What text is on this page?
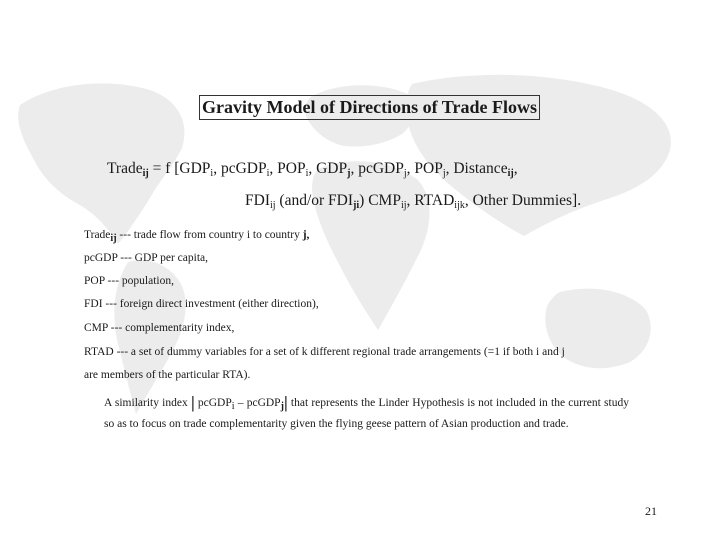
Gravity Model of Directions of Trade Flows
Trade$_{ij}$ = f [$GDP_i$, pcGDP$_i$, $POP_i$, $GDP_j$, pcGDP$_j$, $POP_j$, Distance$_{ij}$,
$FDI_{ij}$ (and/or $FDI_{ji}$) $CMP_{ij}$, $RTAD_{ijk}$, Other Dummies].
Trade$_{ij}$ --- trade flow from country i to country j,
pcGDP --- GDP per capita,
POP --- population,
FDI --- foreign direct investment (either direction),
CMP --- complementarity index,
RTAD --- a set of dummy variables for a set of k different regional trade arrangements (=1 if both i and j
are members of the particular RTA).
A similarity index | pcGDP$_i$ – pcGDP$_j$| that represents the Linder Hypothesis is not included in the current study so as to focus on trade complementarity given the flying geese pattern of Asian production and trade.
21
